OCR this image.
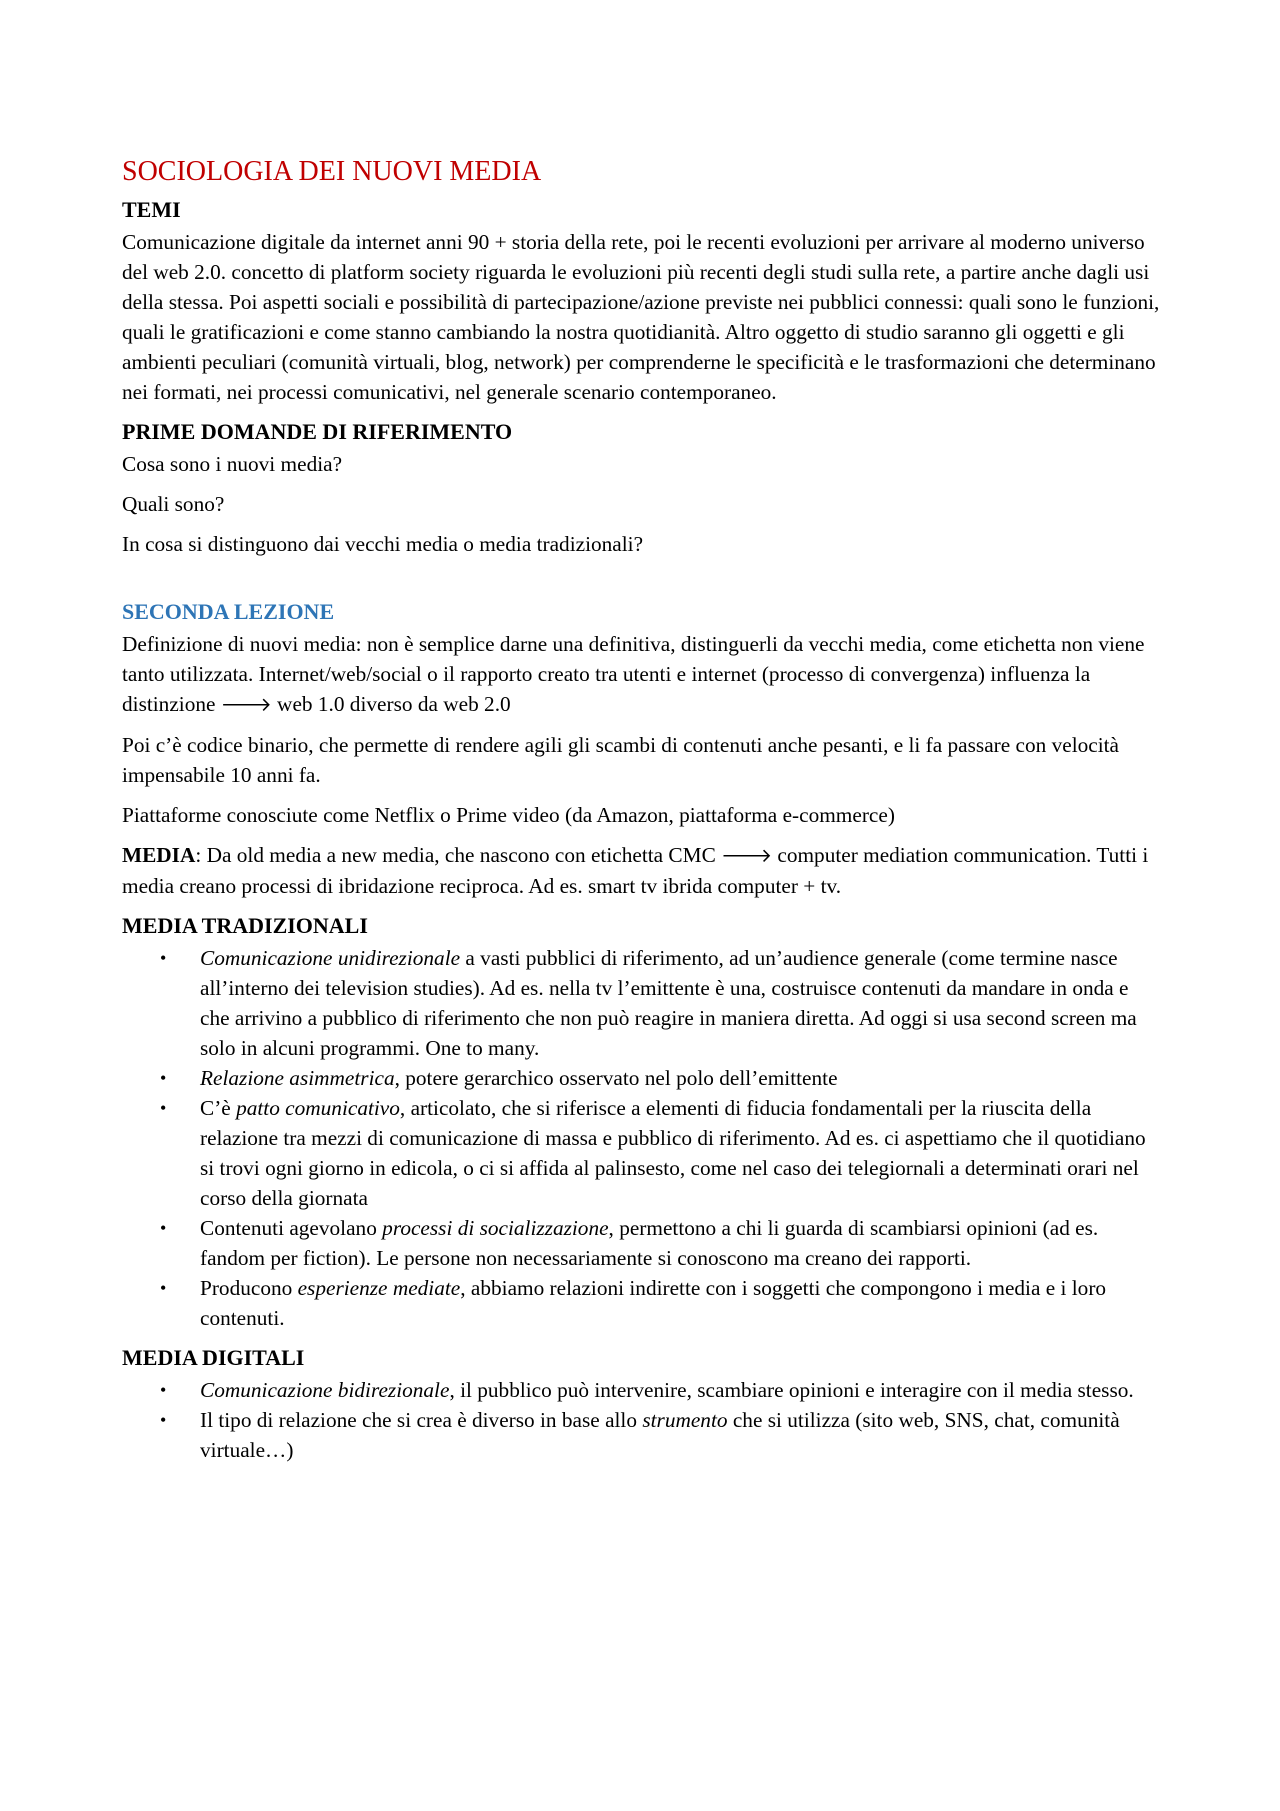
SOCIOLOGIA DEI NUOVI MEDIA
TEMI

Comunicazione digitale da internet anni 90 + storia della rete, poi le recenti evoluzioni per arrivare al moderno universo del web 2.0. concetto di platform society riguarda le evoluzioni più recenti degli studi sulla rete, a partire anche dagli usi della stessa. Poi aspetti sociali e possibilità di partecipazione/azione previste nei pubblici connessi: quali sono le funzioni, quali le gratificazioni e come stanno cambiando la nostra quotidianità. Altro oggetto di studio saranno gli oggetti e gli ambienti peculiari (comunità virtuali, blog, network) per comprenderne le specificità e le trasformazioni che determinano nei formati, nei processi comunicativi, nel generale scenario contemporaneo.

PRIME DOMANDE DI RIFERIMENTO

Cosa sono i nuovi media?

Quali sono?

In cosa si distinguono dai vecchi media o media tradizionali?

SECONDA LEZIONE

Definizione di nuovi media: non è semplice darne una definitiva, distinguerli da vecchi media, come etichetta non viene tanto utilizzata. Internet/web/social o il rapporto creato tra utenti e internet (processo di convergenza) influenza la distinzione 🡒 web 1.0 diverso da web 2.0

Poi c’è codice binario, che permette di rendere agili gli scambi di contenuti anche pesanti, e li fa passare con velocità impensabile 10 anni fa.

Piattaforme conosciute come Netflix o Prime video (da Amazon, piattaforma e-commerce)

MEDIA: Da old media a new media, che nascono con etichetta CMC 🡒 computer mediation communication. Tutti i media creano processi di ibridazione reciproca. Ad es. smart tv ibrida computer + tv.

MEDIA TRADIZIONALI
•	Comunicazione unidirezionale a vasti pubblici di riferimento, ad un’audience generale (come termine nasce all’interno dei television studies). Ad es. nella tv l’emittente è una, costruisce contenuti da mandare in onda e che arrivino a pubblico di riferimento che non può reagire in maniera diretta. Ad oggi si usa second screen ma solo in alcuni programmi. One to many.
•	Relazione asimmetrica, potere gerarchico osservato nel polo dell’emittente
•	C’è patto comunicativo, articolato, che si riferisce a elementi di fiducia fondamentali per la riuscita della relazione tra mezzi di comunicazione di massa e pubblico di riferimento. Ad es. ci aspettiamo che il quotidiano si trovi ogni giorno in edicola, o ci si affida al palinsesto, come nel caso dei telegiornali a determinati orari nel corso della giornata
•	Contenuti agevolano processi di socializzazione, permettono a chi li guarda di scambiarsi opinioni (ad es. fandom per fiction). Le persone non necessariamente si conoscono ma creano dei rapporti.
•	Producono esperienze mediate, abbiamo relazioni indirette con i soggetti che compongono i media e i loro contenuti.
MEDIA DIGITALI
•	Comunicazione bidirezionale, il pubblico può intervenire, scambiare opinioni e interagire con il media stesso.
•	Il tipo di relazione che si crea è diverso in base allo strumento che si utilizza (sito web, SNS, chat, comunità virtuale…)
